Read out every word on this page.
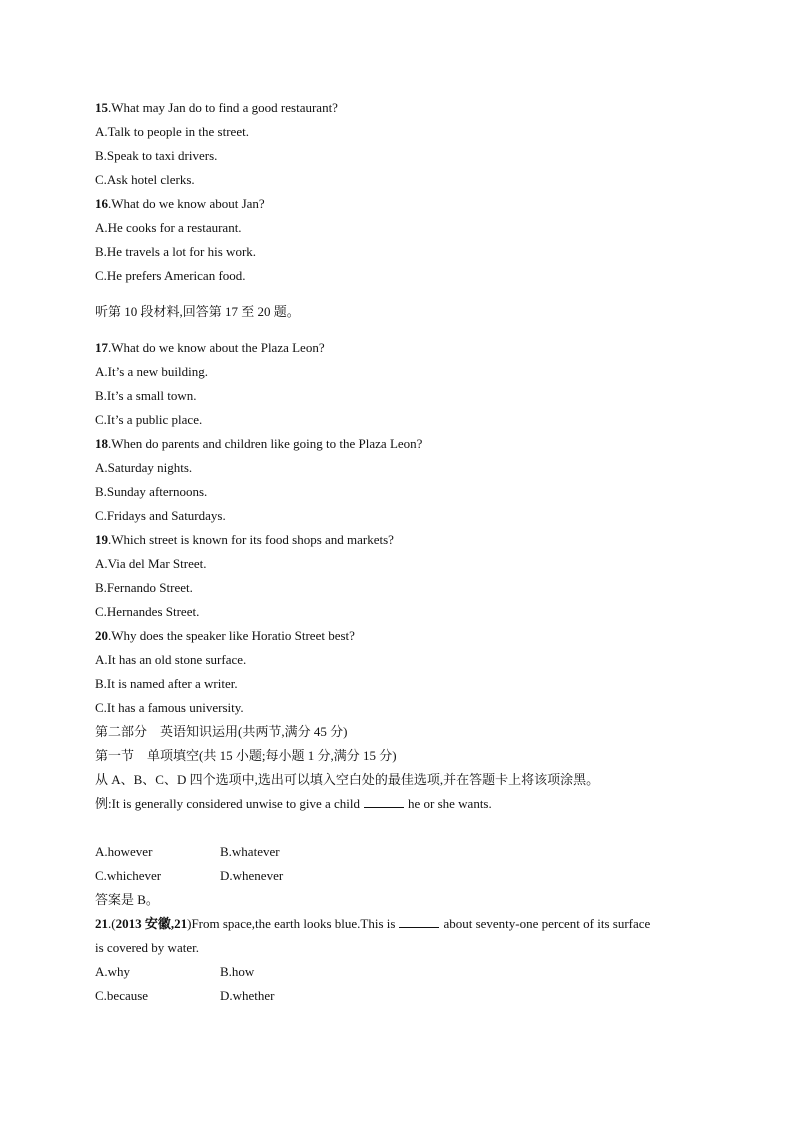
15.What may Jan do to find a good restaurant?
A.Talk to people in the street.
B.Speak to taxi drivers.
C.Ask hotel clerks.
16.What do we know about Jan?
A.He cooks for a restaurant.
B.He travels a lot for his work.
C.He prefers American food.
听第 10 段材料,回答第 17 至 20 题。
17.What do we know about the Plaza Leon?
A.It’s a new building.
B.It’s a small town.
C.It’s a public place.
18.When do parents and children like going to the Plaza Leon?
A.Saturday nights.
B.Sunday afternoons.
C.Fridays and Saturdays.
19.Which street is known for its food shops and markets?
A.Via del Mar Street.
B.Fernando Street.
C.Hernandes Street.
20.Why does the speaker like Horatio Street best?
A.It has an old stone surface.
B.It is named after a writer.
C.It has a famous university.
第二部分　英语知识运用(共两节,满分 45 分)
第一节　单项填空(共 15 小题;每小题 1 分,满分 15 分)
从 A、B、C、D 四个选项中,选出可以填入空白处的最佳选项,并在答题卡上将该项涂黑。
例:It is generally considered unwise to give a child	he or she wants.
A.however	B.whatever
C.whichever	D.whenever
答案是 B。
21.(2013 安徽,21)From space,the earth looks blue.This is	about seventy-one percent of its surface
is covered by water.
A.why	B.how
C.because	D.whether
